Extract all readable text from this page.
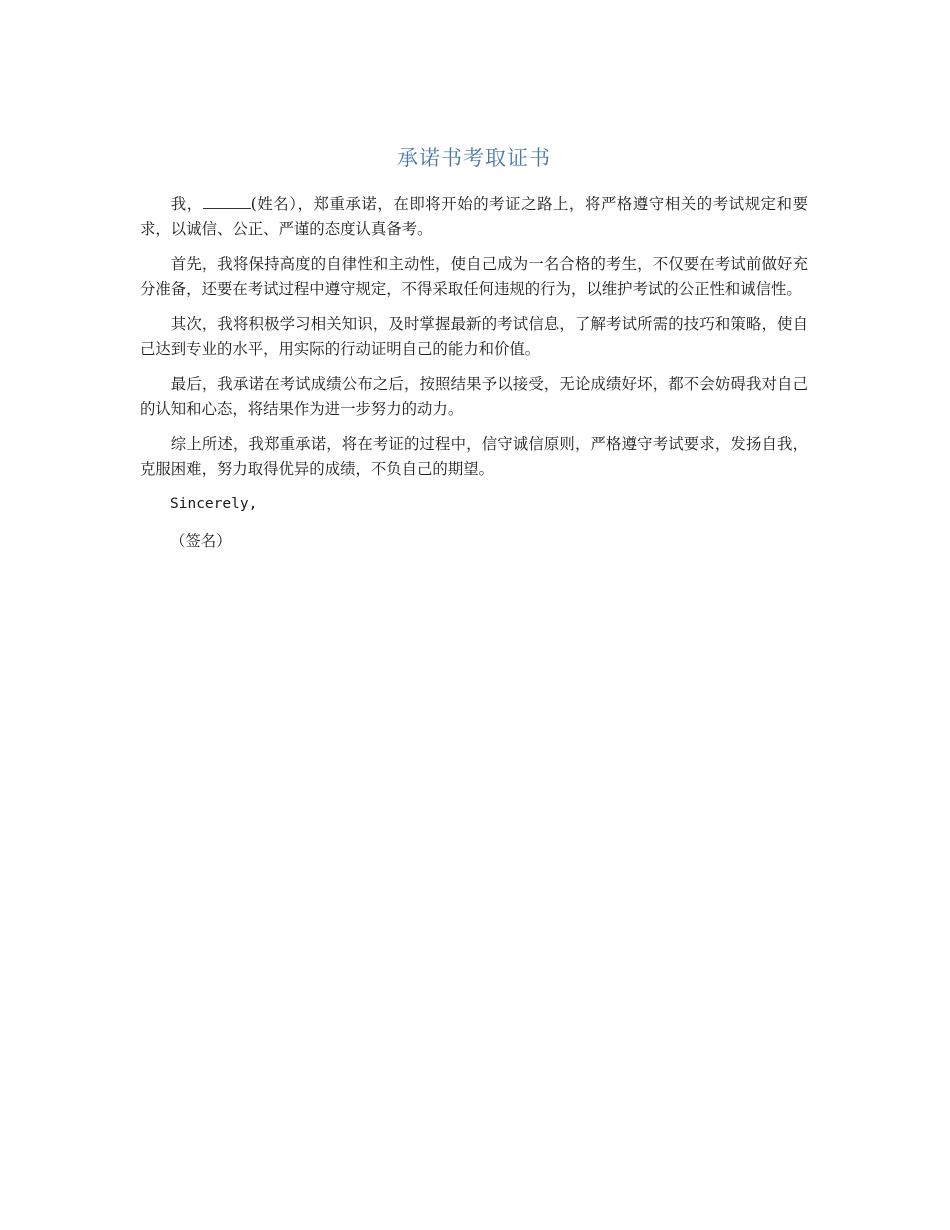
承诺书考取证书

我，	(姓名），郑重承诺，在即将开始的考证之路上，将严格遵守相关的考试规定和要求，以诚信、公正、严谨的态度认真备考。

首先，我将保持高度的自律性和主动性，使自己成为一名合格的考生，不仅要在考试前做好充分准备，还要在考试过程中遵守规定，不得采取任何违规的行为，以维护考试的公正性和诚信性。

其次，我将积极学习相关知识，及时掌握最新的考试信息，了解考试所需的技巧和策略，使自己达到专业的水平，用实际的行动证明自己的能力和价值。

最后，我承诺在考试成绩公布之后，按照结果予以接受，无论成绩好坏，都不会妨碍我对自己的认知和心态，将结果作为进一步努力的动力。

综上所述，我郑重承诺，将在考证的过程中，信守诚信原则，严格遵守考试要求，发扬自我，克服困难，努力取得优异的成绩，不负自己的期望。

Sincerely,

（签名）
